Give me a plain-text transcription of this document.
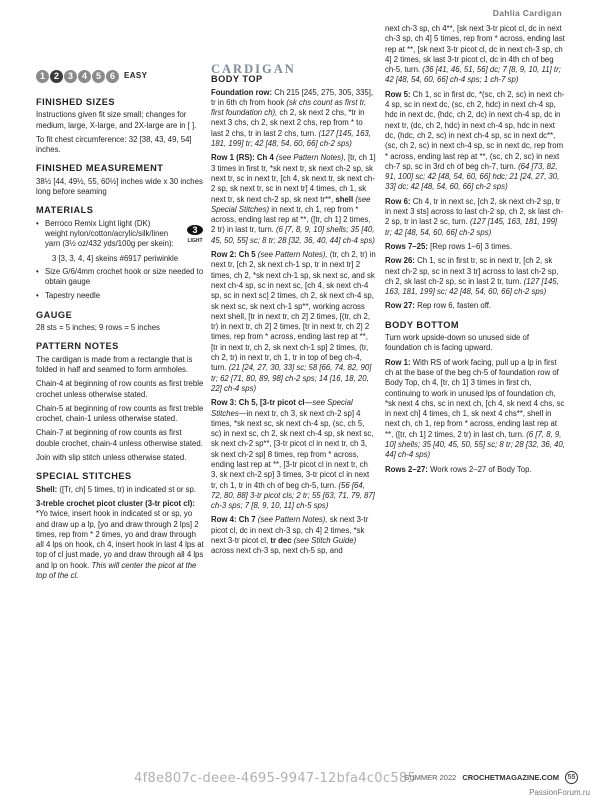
Dahlia Cardigan
1 2 3 4 5 6	EASY
FINISHED SIZES

Instructions given fit size small; changes for medium, large, X-large, and 2X-large are in [ ].

To fit chest circumference: 32 [38, 43, 49, 54] inches.

FINISHED MEASUREMENT

38½ [44, 49½, 55, 60½] inches wide x 30 inches long before seaming

MATERIALS

• Berroco Remix Light light (DK) weight nylon/cotton/acrylic/silk/linen yarn (3½ oz/432 yds/100g per skein):

3
LIGHT

3 [3, 3, 4, 4] skeins #6917 periwinkle

• Size G/6/4mm crochet hook or size needed to obtain gauge

• Tapestry needle

GAUGE

28 sts = 5 inches; 9 rows = 5 inches

PATTERN NOTES

The cardigan is made from a rectangle that is folded in half and seamed to form armholes.

Chain-4 at beginning of row counts as first treble crochet unless otherwise stated.

Chain-5 at beginning of row counts as first treble crochet, chain-1 unless otherwise stated.

Chain-7 at beginning of row counts as first double crochet, chain-4 unless otherwise stated.

Join with slip stitch unless otherwise stated.

SPECIAL STITCHES

Shell: ([Tr, ch] 5 times, tr) in indicated st or sp.

3-treble crochet picot cluster (3-tr picot cl): *Yo twice, insert hook in indicated st or sp, yo and draw up a lp, [yo and draw through 2 lps] 2 times, rep from * 2 times, yo and draw through all 4 lps on hook, ch 4, insert hook in last 4 lps at top of cl just made, yo and draw through all 4 lps and lp on hook. This will center the picot at the top of the cl.

CARDIGAN
BODY TOP

Foundation row: Ch 215 [245, 275, 305, 335], tr in 6th ch from hook (sk chs count as first tr, first foundation ch), ch 2, sk next 2 chs, *tr in next 3 chs, ch 2, sk next 2 chs, rep from * to last 2 chs, tr in last 2 chs, turn. (127 [145, 163, 181, 199] tr; 42 [48, 54, 60, 66] ch-2 sps)

Row 1 (RS): Ch 4 (see Pattern Notes), [tr, ch 1] 3 times in first tr, *sk next tr, sk next ch-2 sp, sk next tr, sc in next tr, [ch 4, sk next tr, sk next ch-2 sp, sk next tr, sc in next tr] 4 times, ch 1, sk next tr, sk next ch-2 sp, sk next tr**, shell (see Special Stitches) in next tr, ch 1, rep from * across, ending last rep at **, ([tr, ch 1] 2 times, 2 tr) in last tr, turn. (6 [7, 8, 9, 10] shells; 35 [40, 45, 50, 55] sc; 8 tr; 28 [32, 36, 40, 44] ch-4 sps)

Row 2: Ch 5 (see Pattern Notes), (tr, ch 2, tr) in next tr, [ch 2, sk next ch-1 sp, tr in next tr] 2 times, ch 2, *sk next ch-1 sp, sk next sc, and sk next ch-4 sp, sc in next sc, [ch 4, sk next ch-4 sp, sc in next sc] 2 times, ch 2, sk next ch-4 sp, sk next sc, sk next ch-1 sp**, working across next shell, [tr in next tr, ch 2] 2 times, [(tr, ch 2, tr) in next tr, ch 2] 2 times, [tr in next tr, ch 2] 2 times, rep from * across, ending last rep at **, [tr in next tr, ch 2, sk next ch-1 sp] 2 times, (tr, ch 2, tr) in next tr, ch 1, tr in top of beg ch-4, turn. (21 [24, 27, 30, 33] sc; 58 [66, 74, 82, 90] tr; 62 [71, 80, 89, 98] ch-2 sps; 14 [16, 18, 20, 22] ch-4 sps)

Row 3: Ch 5, [3-tr picot cl—see Special Stitches—in next tr, ch 3, sk next ch-2 sp] 4 times, *sk next sc, sk next ch-4 sp, (sc, ch 5, sc) in next sc, ch 2, sk next ch-4 sp, sk next sc, sk next ch-2 sp**, [3-tr picot cl in next tr, ch 3, sk next ch-2 sp] 8 times, rep from * across, ending last rep at **, [3-tr picot cl in next tr, ch 3, sk next ch-2 sp] 3 times, 3-tr picot cl in next tr, ch 1, tr in 4th ch of beg ch-5, turn. (56 [64, 72, 80, 88] 3-tr picot cls; 2 tr; 55 [63, 71, 79, 87] ch-3 sps; 7 [8, 9, 10, 11] ch-5 sps)

Row 4: Ch 7 (see Pattern Notes), sk next 3-tr picot cl, dc in next ch-3 sp, ch 4] 2 times, *sk next 3-tr picot cl, tr dec (see Stitch Guide) across next ch-3 sp, next ch-5 sp, and

next ch-3 sp, ch 4**, [sk next 3-tr picot cl, dc in next ch-3 sp, ch 4] 5 times, rep from * across, ending last rep at **, [sk next 3-tr picot cl, dc in next ch-3 sp, ch 4] 2 times, sk last 3-tr picot cl, dc in 4th ch of beg ch-5, turn. (36 [41, 46, 51, 56] dc; 7 [8, 9, 10, 11] tr; 42 [48, 54, 60, 66] ch-4 sps; 1 ch-7 sp)

Row 5: Ch 1, sc in first dc, *(sc, ch 2, sc) in next ch-4 sp, sc in next dc, (sc, ch 2, hdc) in next ch-4 sp, hdc in next dc, (hdc, ch 2, dc) in next ch-4 sp, dc in next tr, (dc, ch 2, hdc) in next ch-4 sp, hdc in next dc, (hdc, ch 2, sc) in next ch-4 sp, sc in next dc**, (sc, ch 2, sc) in next ch-4 sp, sc in next dc, rep from * across, ending last rep at **, (sc, ch 2, sc) in next ch-7 sp, sc in 3rd ch of beg ch-7, turn. (64 [73, 82, 91, 100] sc; 42 [48, 54, 60, 66] hdc; 21 [24, 27, 30, 33] dc; 42 [48, 54, 60, 66] ch-2 sps)

Row 6: Ch 4, tr in next sc, [ch 2, sk next ch-2 sp, tr in next 3 sts] across to last ch-2 sp, ch 2, sk last ch-2 sp, tr in last 2 sc, turn. (127 [145, 163, 181, 199] tr; 42 [48, 54, 60, 66] ch-2 sps)

Rows 7–25: [Rep rows 1–6] 3 times.

Row 26: Ch 1, sc in first tr, sc in next tr, [ch 2, sk next ch-2 sp, sc in next 3 tr] across to last ch-2 sp, ch 2, sk last ch-2 sp, sc in last 2 tr, turn. (127 [145, 163, 181, 199] sc; 42 [48, 54, 60, 66] ch-2 sps)

Row 27: Rep row 6, fasten off.

BODY BOTTOM

Turn work upside-down so unused side of foundation ch is facing upward.

Row 1: With RS of work facing, pull up a lp in first ch at the base of the beg ch-5 of foundation row of Body Top, ch 4, [tr, ch 1] 3 times in first ch, continuing to work in unused lps of foundation ch, *sk next 4 chs, sc in next ch, [ch 4, sk next 4 chs, sc in next ch] 4 times, ch 1, sk next 4 chs**, shell in next ch, ch 1, rep from * across, ending last rep at **, ([tr, ch 1] 2 times, 2 tr) in last ch, turn. (6 [7, 8, 9, 10] shells; 35 [40, 45, 50, 55] sc; 8 tr; 28 [32, 36, 40, 44] ch-4 sps)

Rows 2–27: Work rows 2–27 of Body Top.

4f8e807c-deee-4695-9947-12bfa4c0c585
SUMMER 2022 CROCHETMAGAZINE.COM	55
PassionForum.ru
